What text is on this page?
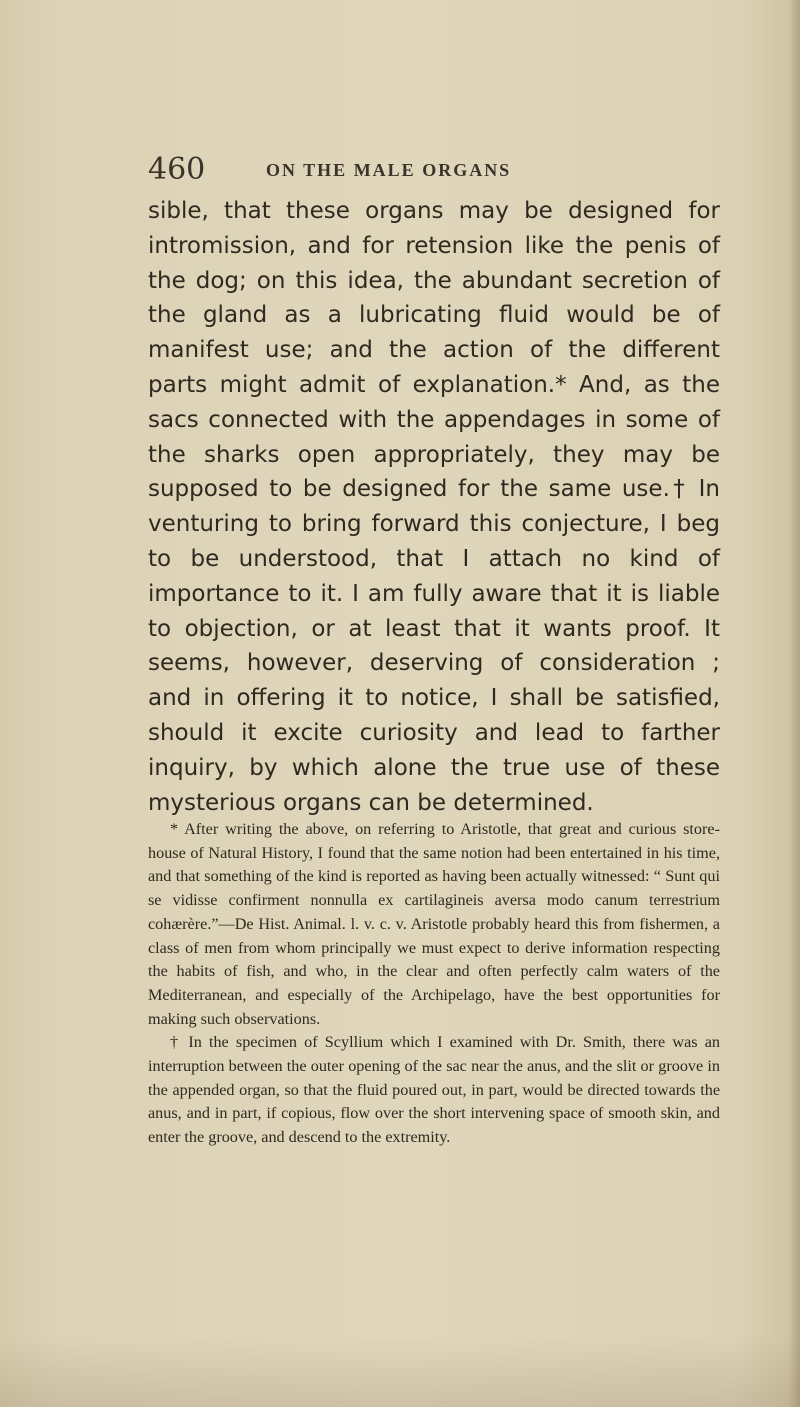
460	ON THE MALE ORGANS

sible, that these organs may be designed for intromission, and for retension like the penis of the dog; on this idea, the abundant secretion of the gland as a lubricating fluid would be of manifest use; and the action of the different parts might admit of explanation.* And, as the sacs connected with the appendages in some of the sharks open appropriately, they may be supposed to be designed for the same use.† In venturing to bring forward this conjecture, I beg to be understood, that I attach no kind of importance to it. I am fully aware that it is liable to objection, or at least that it wants proof. It seems, however, deserving of consideration ; and in offering it to notice, I shall be satisfied, should it excite curiosity and lead to farther inquiry, by which alone the true use of these mysterious organs can be determined.

* After writing the above, on referring to Aristotle, that great and curious store-house of Natural History, I found that the same notion had been entertained in his time, and that something of the kind is reported as having been actually witnessed: “ Sunt qui se vidisse confirment nonnulla ex cartilagineis aversa modo canum terrestrium cohærère.”—De Hist. Animal. l. v. c. v. Aristotle probably heard this from fishermen, a class of men from whom principally we must expect to derive information respecting the habits of fish, and who, in the clear and often perfectly calm waters of the Mediterranean, and especially of the Archipelago, have the best opportunities for making such observations.

† In the specimen of Scyllium which I examined with Dr. Smith, there was an interruption between the outer opening of the sac near the anus, and the slit or groove in the appended organ, so that the fluid poured out, in part, would be directed towards the anus, and in part, if copious, flow over the short intervening space of smooth skin, and enter the groove, and descend to the extremity.
